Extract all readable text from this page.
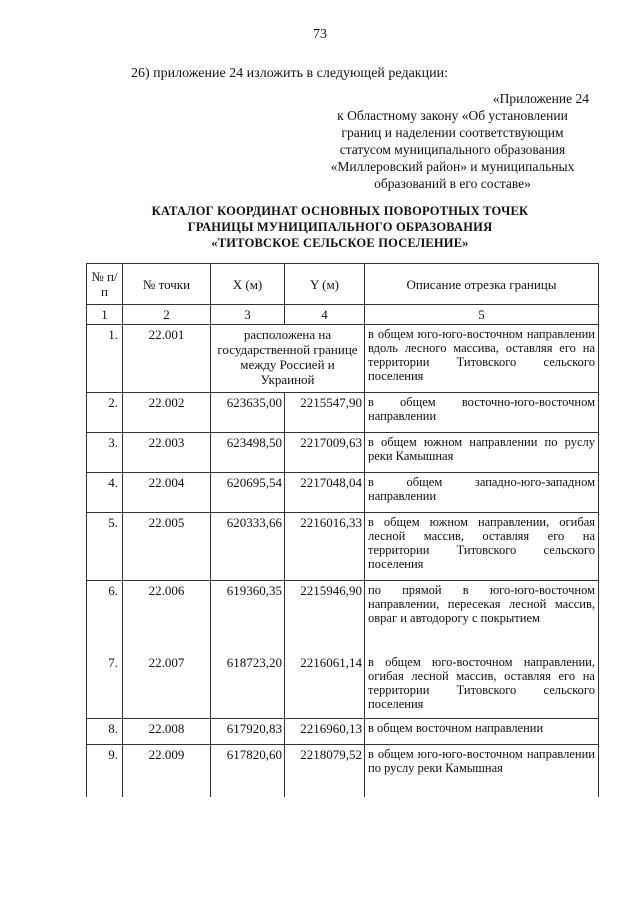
73
26) приложение 24 изложить в следующей редакции:
«Приложение 24
к Областному закону «Об установлении
границ и наделении соответствующим
статусом муниципального образования
«Миллеровский район» и муниципальных
образований в его составе»
КАТАЛОГ КООРДИНАТ ОСНОВНЫХ ПОВОРОТНЫХ ТОЧЕК
ГРАНИЦЫ МУНИЦИПАЛЬНОГО ОБРАЗОВАНИЯ
«ТИТОВСКОЕ СЕЛЬСКОЕ ПОСЕЛЕНИЕ»
№ п/п	№ точки	X (м)	Y (м)	Описание отрезка границы
1	2	3	4	5
1.	22.001	расположена на государственной границе между Россией и Украиной		в общем юго-юго-восточном направлении вдоль лесного массива, оставляя его на территории Титовского сельского поселения
2.	22.002	623635,00	2215547,90	в общем восточно-юго-восточном направлении
3.	22.003	623498,50	2217009,63	в общем южном направлении по руслу реки Камышная
4.	22.004	620695,54	2217048,04	в общем западно-юго-западном направлении
5.	22.005	620333,66	2216016,33	в общем южном направлении, огибая лесной массив, оставляя его на территории Титовского сельского поселения
6.	22.006	619360,35	2215946,90	по прямой в юго-юго-восточном направлении, пересекая лесной массив, овраг и автодорогу с покрытием
7.	22.007	618723,20	2216061,14	в общем юго-восточном направлении, огибая лесной массив, оставляя его на территории Титовского сельского поселения
8.	22.008	617920,83	2216960,13	в общем восточном направлении
9.	22.009	617820,60	2218079,52	в общем юго-юго-восточном направлении по руслу реки Камышная
